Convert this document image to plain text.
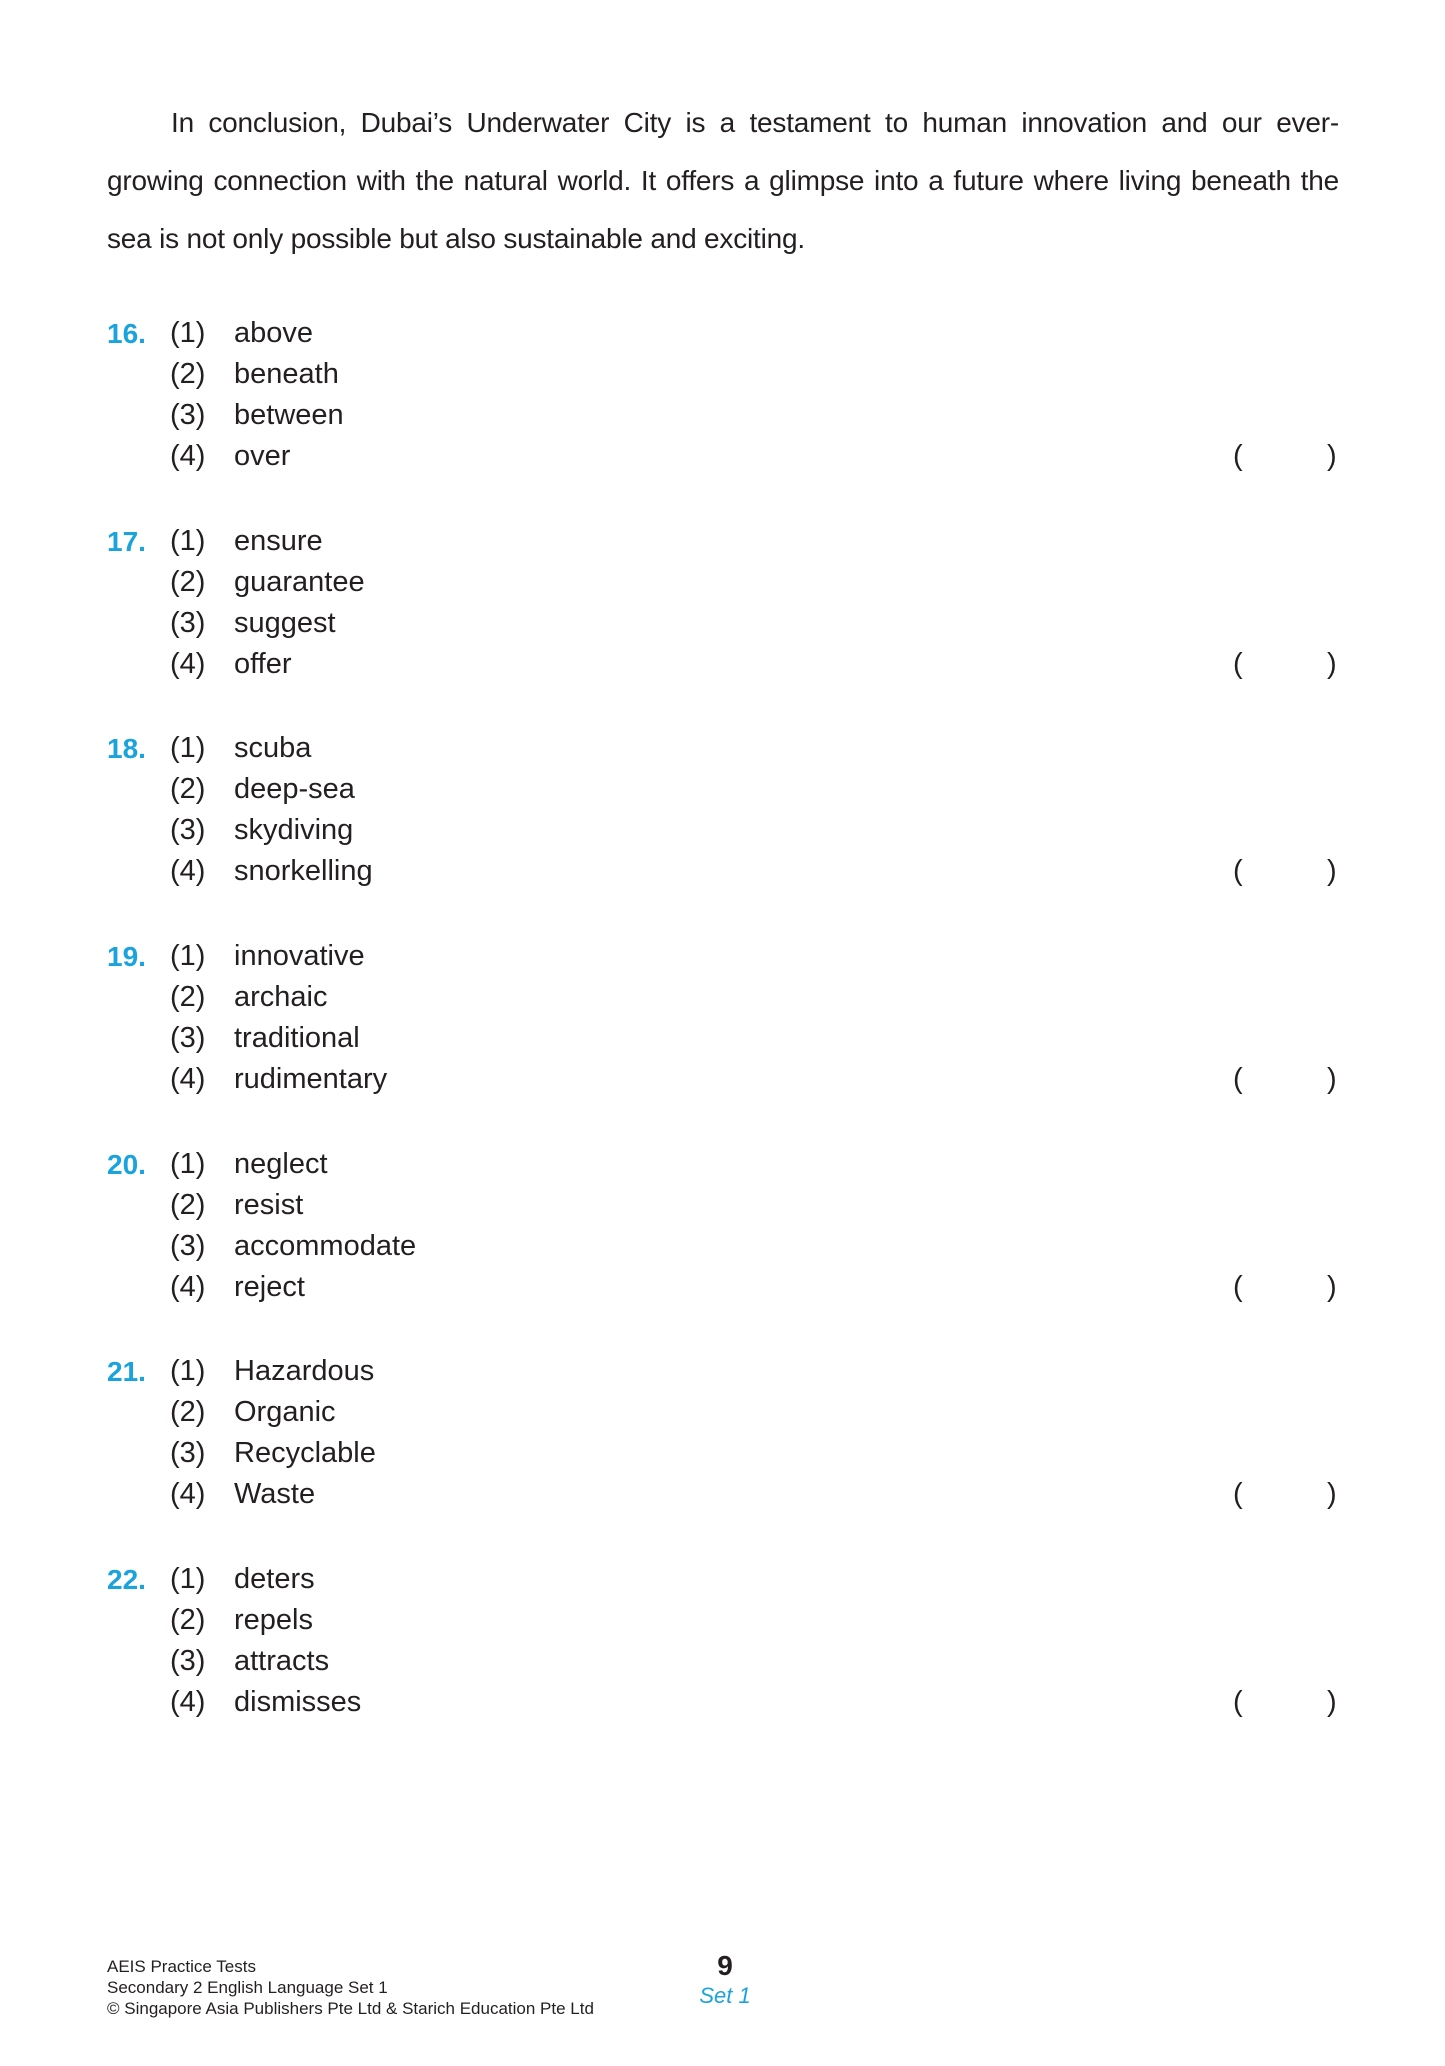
In conclusion, Dubai’s Underwater City is a testament to human innovation and our ever-growing connection with the natural world. It offers a glimpse into a future where living beneath the sea is not only possible but also sustainable and exciting.
16. (1) above
(2) beneath
(3) between
(4) over	(	)
17. (1) ensure
(2) guarantee
(3) suggest
(4) offer	(	)
18. (1) scuba
(2) deep-sea
(3) skydiving
(4) snorkelling	(	)
19. (1) innovative
(2) archaic
(3) traditional
(4) rudimentary	(	)
20. (1) neglect
(2) resist
(3) accommodate
(4) reject	(	)
21. (1) Hazardous
(2) Organic
(3) Recyclable
(4) Waste	(	)
22. (1) deters
(2) repels
(3) attracts
(4) dismisses	(	)
AEIS Practice Tests
Secondary 2 English Language Set 1
© Singapore Asia Publishers Pte Ltd & Starich Education Pte Ltd
9
Set 1
